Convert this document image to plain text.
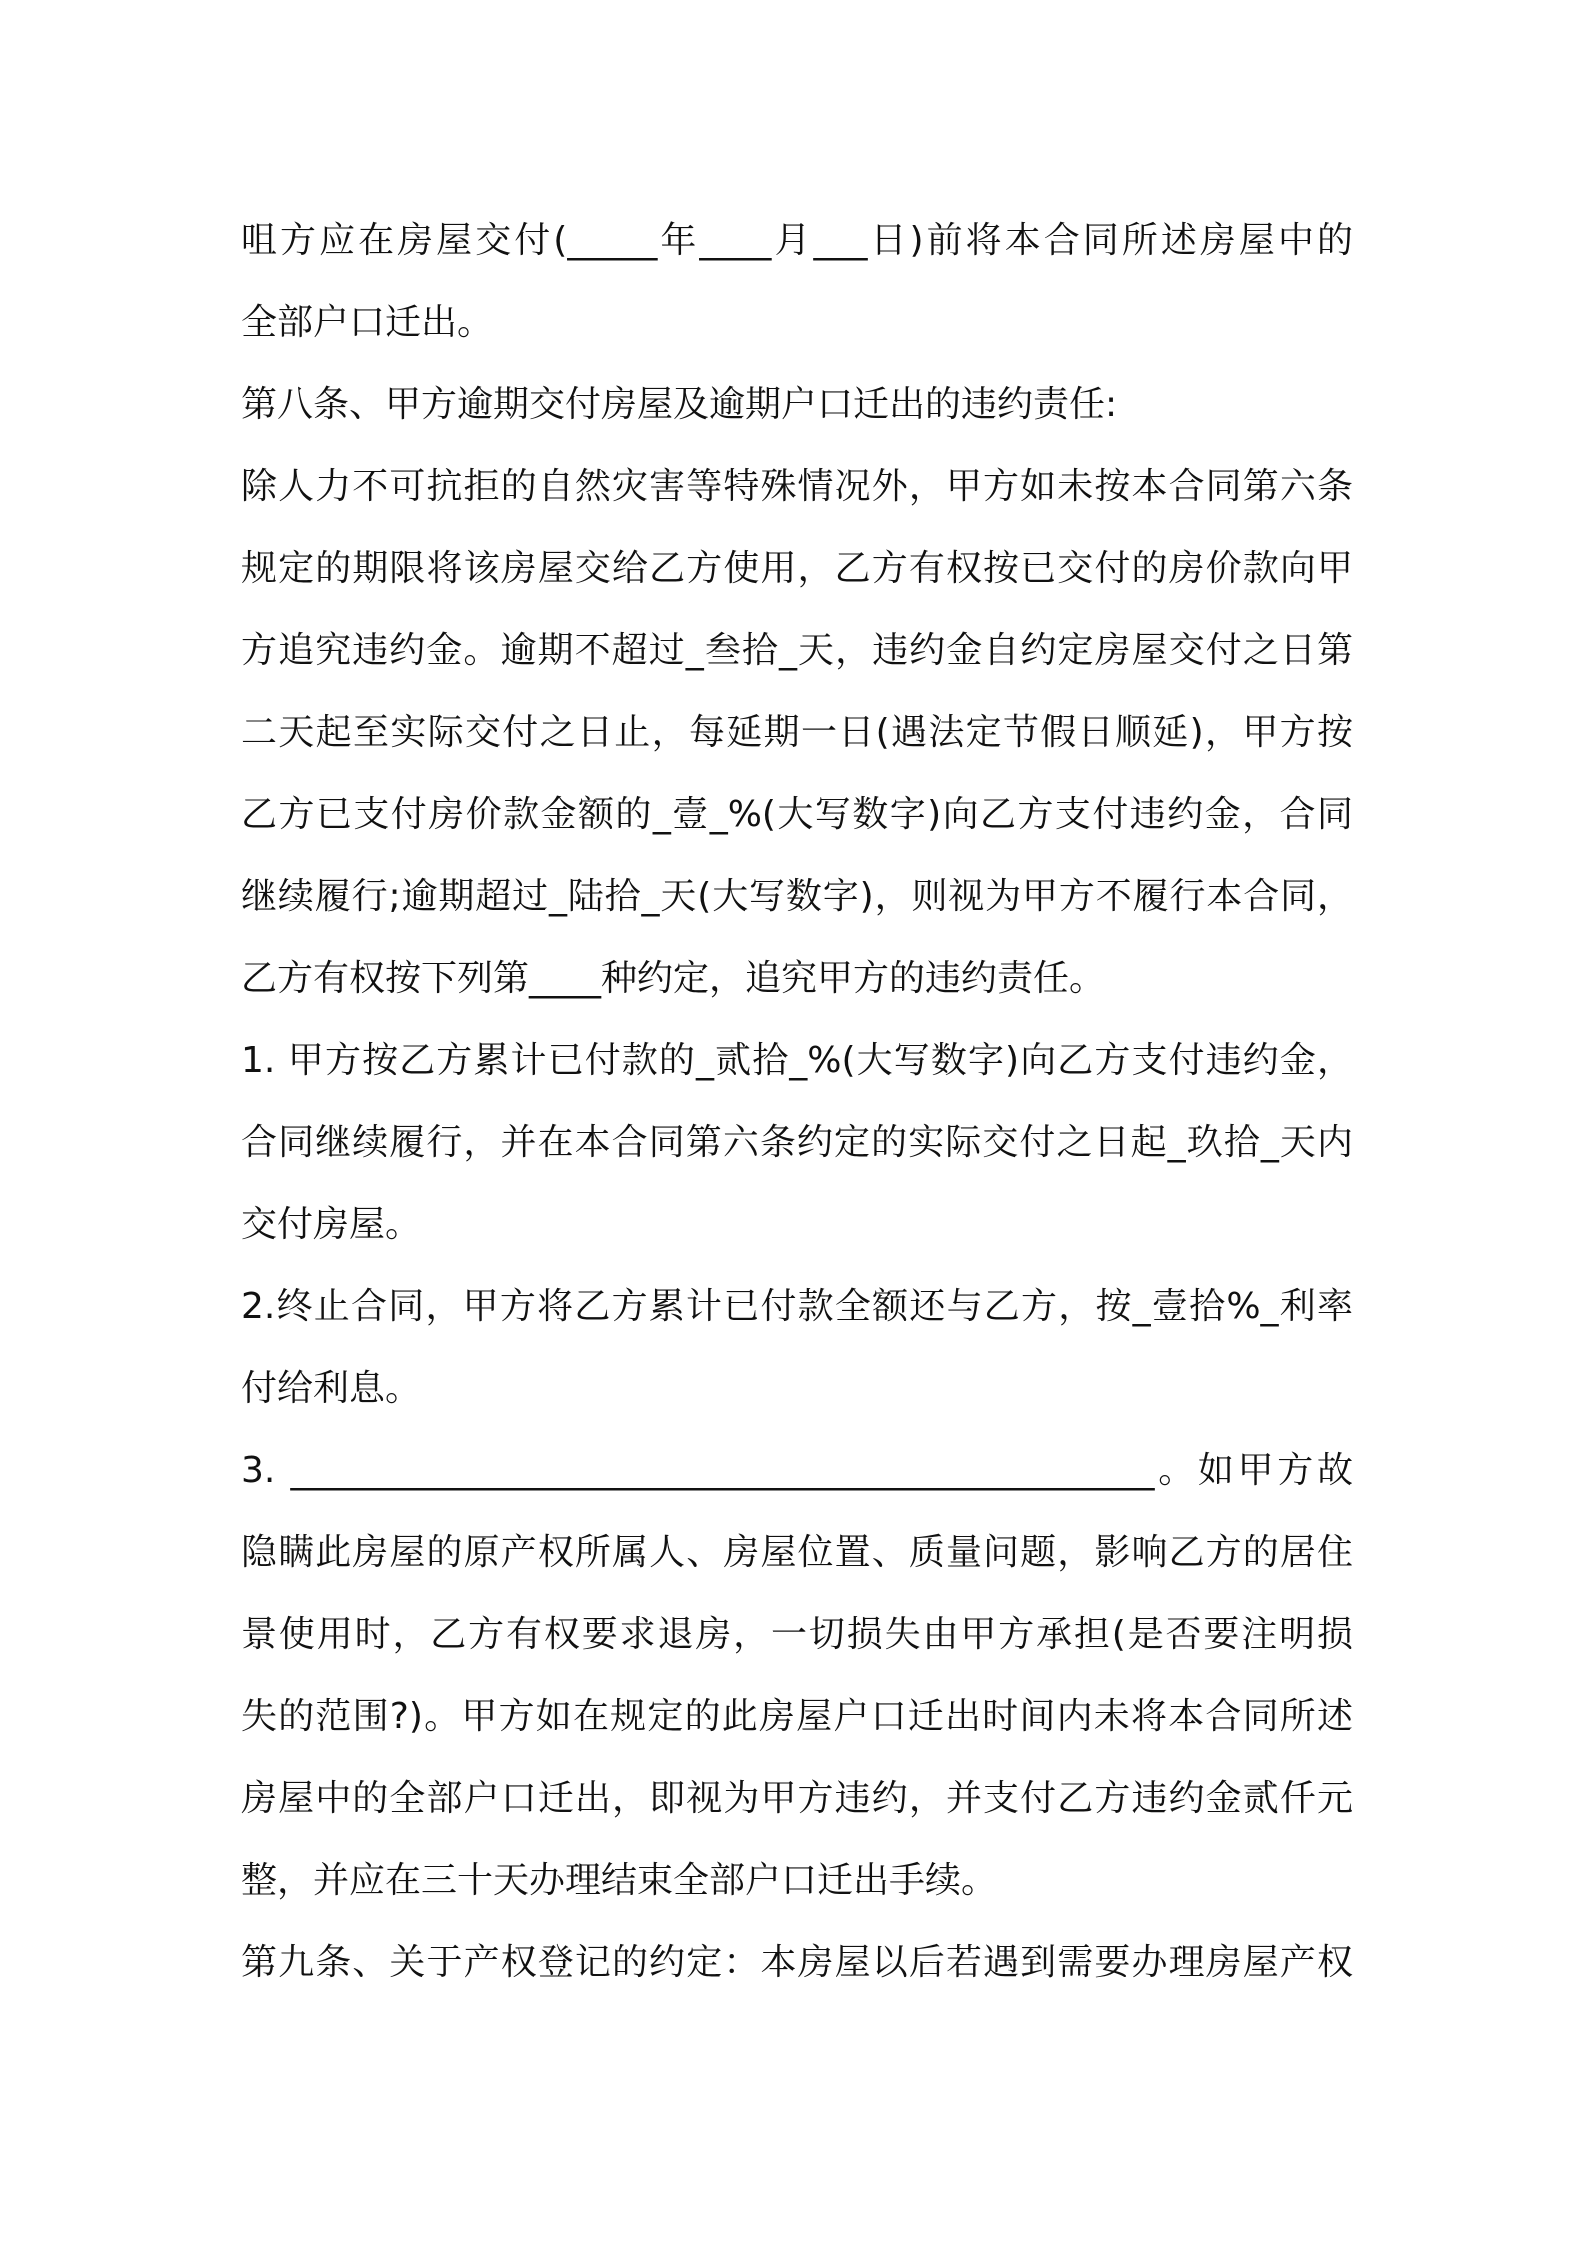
咀方应在房屋交付(_____年____月___日)前将本合同所述房屋中的
全部户口迁出。
第八条、甲方逾期交付房屋及逾期户口迁出的违约责任:
除人力不可抗拒的自然灾害等特殊情况外，甲方如未按本合同第六条
规定的期限将该房屋交给乙方使用，乙方有权按已交付的房价款向甲
方追究违约金。逾期不超过_叁拾_天，违约金自约定房屋交付之日第
二天起至实际交付之日止，每延期一日(遇法定节假日顺延)，甲方按
乙方已支付房价款金额的_壹_%(大写数字)向乙方支付违约金，合同
继续履行;逾期超过_陆拾_天(大写数字)，则视为甲方不履行本合同，
乙方有权按下列第____种约定，追究甲方的违约责任。
1. 甲方按乙方累计已付款的_贰拾_%(大写数字)向乙方支付违约金，
合同继续履行，并在本合同第六条约定的实际交付之日起_玖拾_天内
交付房屋。
2.终止合同，甲方将乙方累计已付款全额还与乙方，按_壹拾%_利率
付给利息。
3. ________________________________________________。如甲方故
隐瞒此房屋的原产权所属人、房屋位置、质量问题，影响乙方的居住
景使用时，乙方有权要求退房，一切损失由甲方承担(是否要注明损
失的范围?)。甲方如在规定的此房屋户口迁出时间内未将本合同所述
房屋中的全部户口迁出，即视为甲方违约，并支付乙方违约金贰仟元
整，并应在三十天办理结束全部户口迁出手续。
第九条、关于产权登记的约定：本房屋以后若遇到需要办理房屋产权
